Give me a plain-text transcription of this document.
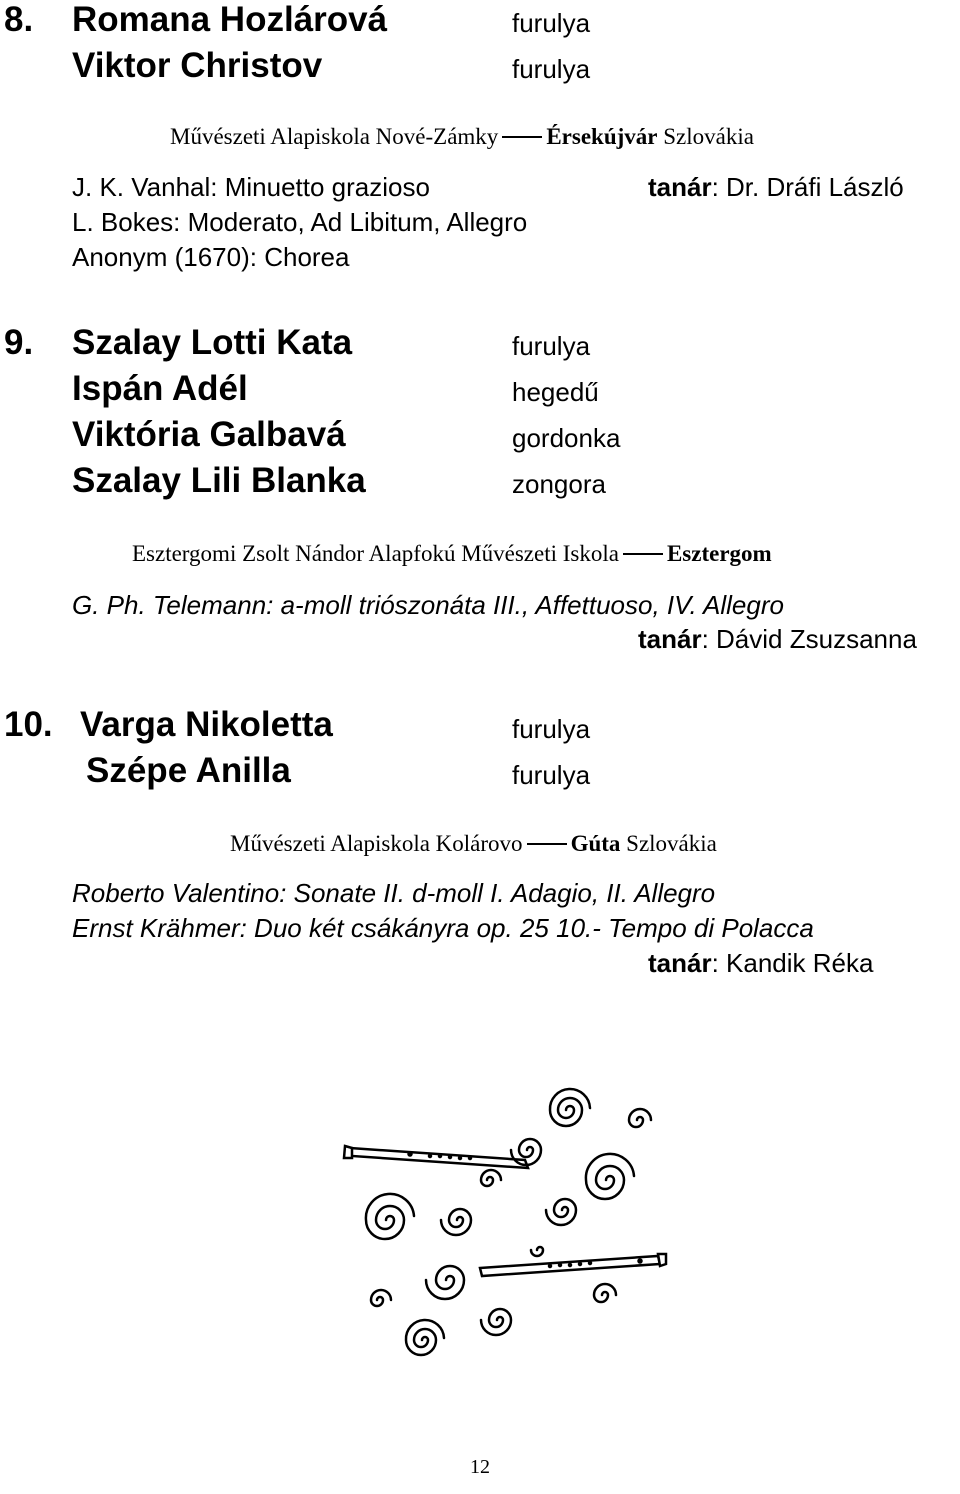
8. Romana Hozlárová	furulya
Viktor Christov	furulya
Művészeti Alapiskola Nové-Zámky Érsekújvár Szlovákia
J. K. Vanhal: Minuetto grazioso	tanár: Dr. Dráfi László
L. Bokes: Moderato, Ad Libitum, Allegro
Anonym (1670): Chorea
9. Szalay Lotti Kata	furulya
Ispán Adél	hegedű
Viktória Galbavá	gordonka
Szalay Lili Blanka	zongora
Esztergomi Zsolt Nándor Alapfokú Művészeti Iskola Esztergom
G. Ph. Telemann: a-moll triószonáta III., Affettuoso, IV. Allegro
tanár: Dávid Zsuzsanna
10. Varga Nikoletta	furulya
Szépe Anilla	furulya
Művészeti Alapiskola Kolárovo Gúta Szlovákia
Roberto Valentino: Sonate II. d-moll I. Adagio, II. Allegro
Ernst Krähmer: Duo két csákányra op. 25 10.- Tempo di Polacca
tanár: Kandik Réka
12
